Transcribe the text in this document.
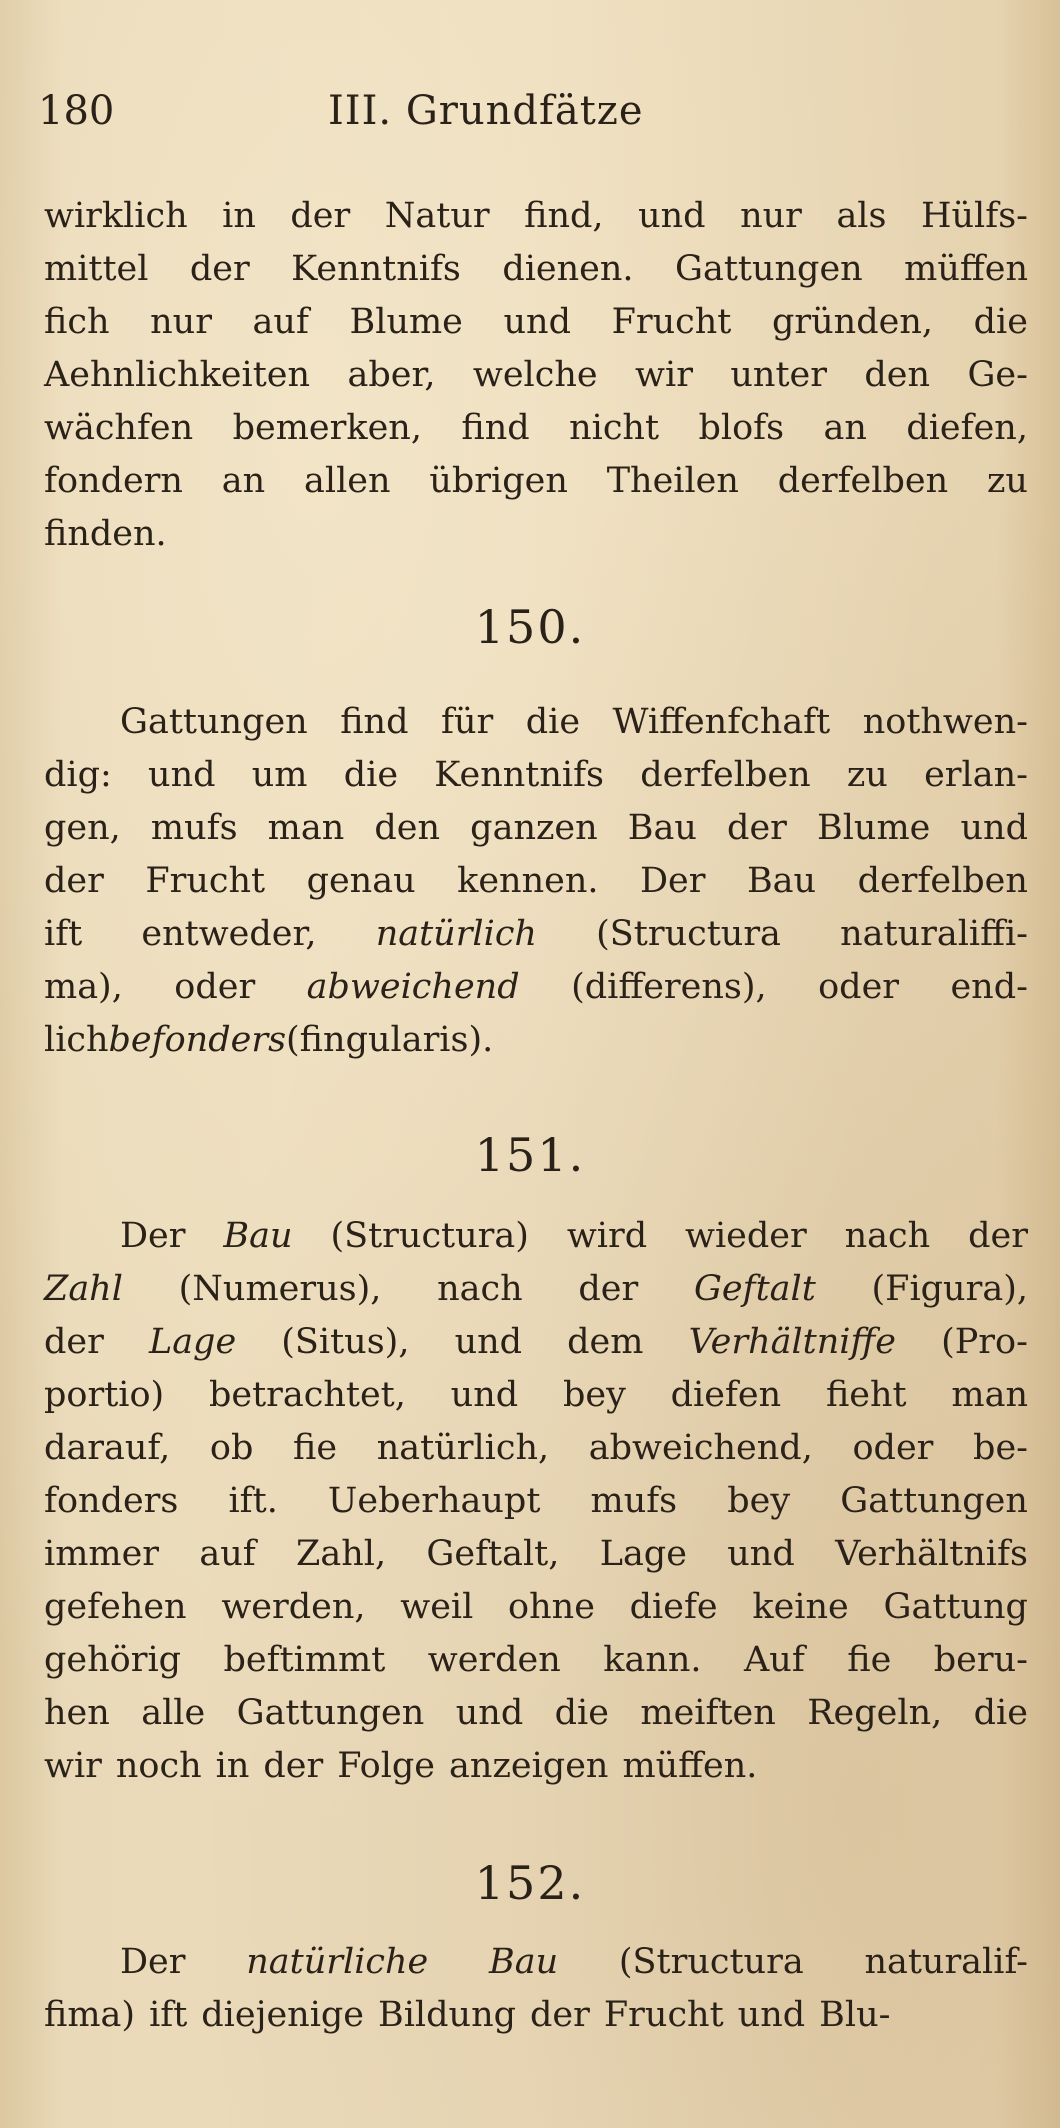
180	III. Grundfätze
wirklich in der Natur find, und nur als Hülfs-
mittel der Kenntnifs dienen. Gattungen müffen
fich nur auf Blume und Frucht gründen, die
Aehnlichkeiten aber, welche wir unter den Ge-
wächfen bemerken, find nicht blofs an diefen,
fondern an allen übrigen Theilen derfelben zu
finden.
150.
Gattungen find für die Wiffenfchaft nothwen-
dig: und um die Kenntnifs derfelben zu erlan-
gen, mufs man den ganzen Bau der Blume und
der Frucht genau kennen. Der Bau derfelben
ift entweder, natürlich (Structura naturaliffi-
ma), oder abweichend (differens), oder end-
lich befonders (fingularis).
151.
Der Bau (Structura) wird wieder nach der
Zahl (Numerus), nach der Geftalt (Figura),
der Lage (Situs), und dem Verhältniffe (Pro-
portio) betrachtet, und bey diefen fieht man
darauf, ob fie natürlich, abweichend, oder be-
fonders ift. Ueberhaupt mufs bey Gattungen
immer auf Zahl, Geftalt, Lage und Verhältnifs
gefehen werden, weil ohne diefe keine Gattung
gehörig beftimmt werden kann. Auf fie beru-
hen alle Gattungen und die meiften Regeln, die
wir noch in der Folge anzeigen müffen.
152.
Der natürliche Bau (Structura naturalif-
fima) ift diejenige Bildung der Frucht und Blu-
